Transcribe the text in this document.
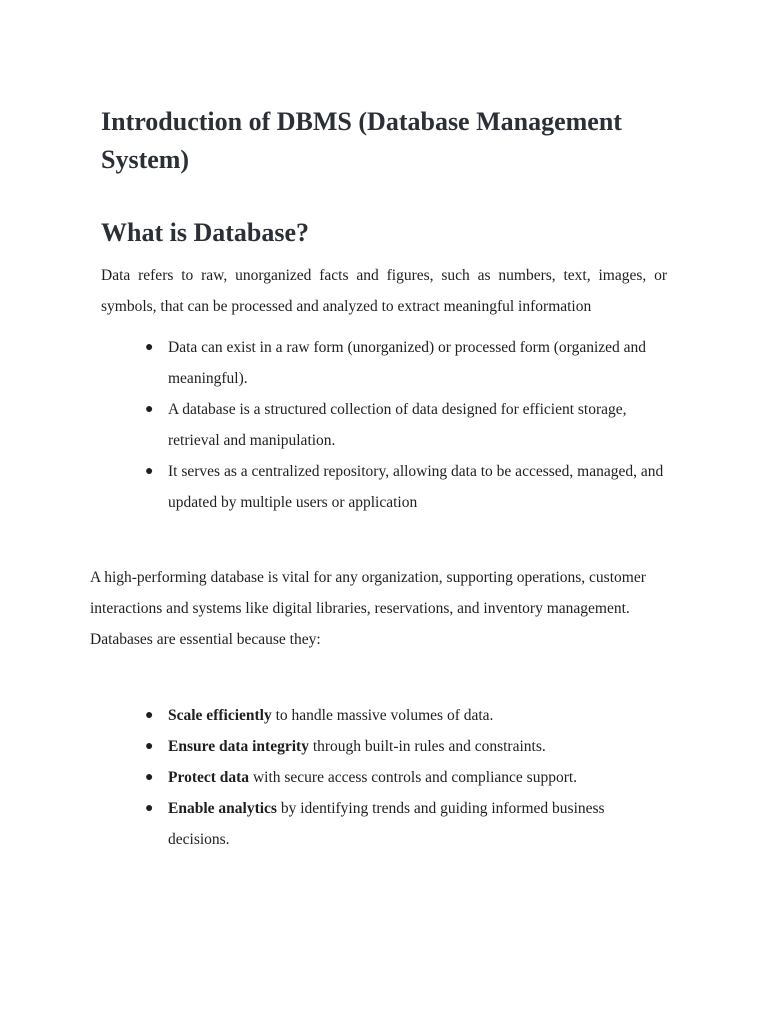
Introduction of DBMS (Database Management System)
What is Database?

Data refers to raw, unorganized facts and figures, such as numbers, text, images, or symbols, that can be processed and analyzed to extract meaningful information

● Data can exist in a raw form (unorganized) or processed form (organized and meaningful).
● A database is a structured collection of data designed for efficient storage, retrieval and manipulation.
● It serves as a centralized repository, allowing data to be accessed, managed, and updated by multiple users or application

A high-performing database is vital for any organization, supporting operations, customer interactions and systems like digital libraries, reservations, and inventory management. Databases are essential because they:

● Scale efficiently to handle massive volumes of data.
● Ensure data integrity through built-in rules and constraints.
● Protect data with secure access controls and compliance support.
● Enable analytics by identifying trends and guiding informed business decisions.
